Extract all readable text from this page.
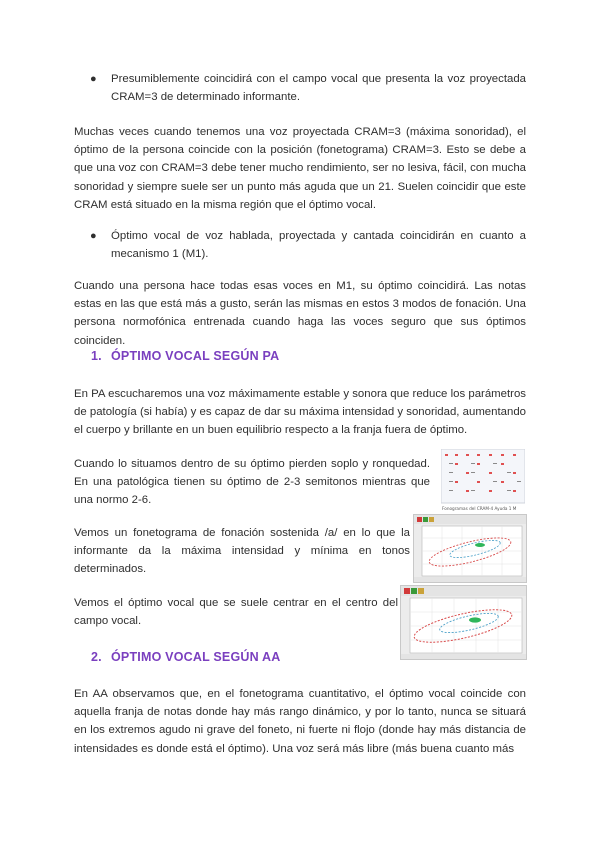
●	Presumiblemente coincidirá con el campo vocal que presenta la voz proyectada CRAM=3 de determinado informante.

Muchas veces cuando tenemos una voz proyectada CRAM=3 (máxima sonoridad), el óptimo de la persona coincide con la posición (fonetograma) CRAM=3. Esto se debe a que una voz con CRAM=3 debe tener mucho rendimiento, ser no lesiva, fácil, con mucha sonoridad y siempre suele ser un punto más aguda que un 21. Suelen coincidir que este CRAM está situado en la misma región que el óptimo vocal.

●	Óptimo vocal de voz hablada, proyectada y cantada coincidirán en cuanto a mecanismo 1 (M1).

Cuando una persona hace todas esas voces en M1, su óptimo coincidirá. Las notas estas en las que está más a gusto, serán las mismas en estos 3 modos de fonación. Una persona normofónica entrenada cuando haga las voces seguro que sus óptimos coinciden.

1. ÓPTIMO VOCAL SEGÚN PA

En PA escucharemos una voz máximamente estable y sonora que reduce los parámetros de patología (si había) y es capaz de dar su máxima intensidad y sonoridad, aumentando el cuerpo y brillante en un buen equilibrio respecto a la franja fuera de óptimo.

Cuando lo situamos dentro de su óptimo pierden soplo y ronquedad. En una patológica tienen su óptimo de 2-3 semitonos mientras que una normo 2-6.

Vemos un fonetograma de fonación sostenida /a/ en lo que la informante da la máxima intensidad y mínima en tonos determinados.

Vemos el óptimo vocal que se suele centrar en el centro del campo vocal.

Fonogramas del CRAM-4 Ayuda 1 M
2. ÓPTIMO VOCAL SEGÚN AA

En AA observamos que, en el fonetograma cuantitativo, el óptimo vocal coincide con aquella franja de notas donde hay más rango dinámico, y por lo tanto, nunca se situará en los extremos agudo ni grave del foneto, ni fuerte ni flojo (donde hay más distancia de intensidades es donde está el óptimo). Una voz será más libre (más buena cuanto más
